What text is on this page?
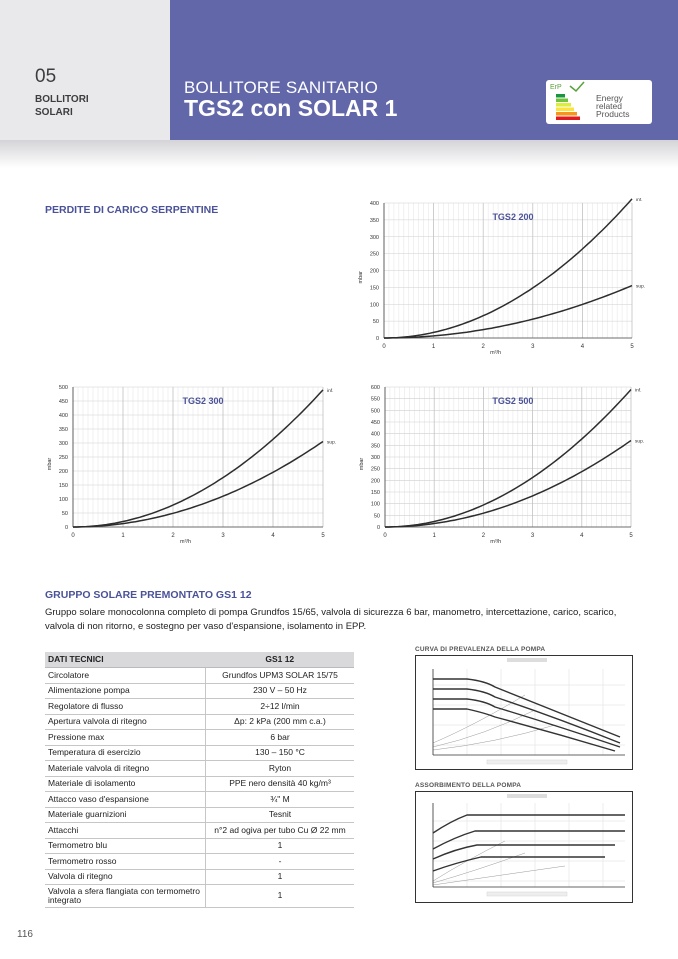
05
BOLLITORI
SOLARI
BOLLITORE SANITARIO
TGS2 con SOLAR 1
ErP
Energy
related
Products
PERDITE DI CARICO SERPENTINE
0
50
100
150
200
250
300
350
400
0	1	2	3	4	5
m³/h
mbar
inf.
sup.
TGS2 200
0
50
100
150
200
250
300
350
400
450
500
0	1	2	3	4	5
m³/h
mbar
inf.
sup.
TGS2 300
0
50
100
150
200
250
300
350
400
450
500
550
600
0	1	2	3	4	5
m³/h
mbar
inf.
sup.
TGS2 500
GRUPPO SOLARE PREMONTATO GS1 12
Gruppo solare monocolonna completo di pompa Grundfos 15/65, valvola di sicurezza 6 bar, manometro, intercettazione, carico, scarico, valvola di non ritorno, e sostegno per vaso d'espansione, isolamento in EPP.
DATI TECNICI	GS1 12
Circolatore	Grundfos UPM3 SOLAR 15/75
Alimentazione pompa	230 V – 50 Hz
Regolatore di flusso	2÷12 l/min
Apertura valvola di ritegno	Δp: 2 kPa (200 mm c.a.)
Pressione max	6 bar
Temperatura di esercizio	130 – 150 °C
Materiale valvola di ritegno	Ryton
Materiale di isolamento	PPE nero densità 40 kg/m³
Attacco vaso d'espansione	¾" M
Materiale guarnizioni	Tesnit
Attacchi	n°2 ad ogiva per tubo Cu Ø 22 mm
Termometro blu	1
Termometro rosso	-
Valvola di ritegno	1
Valvola a sfera flangiata con termometro integrato	1
CURVA DI PREVALENZA DELLA POMPA
ASSORBIMENTO DELLA POMPA
116
